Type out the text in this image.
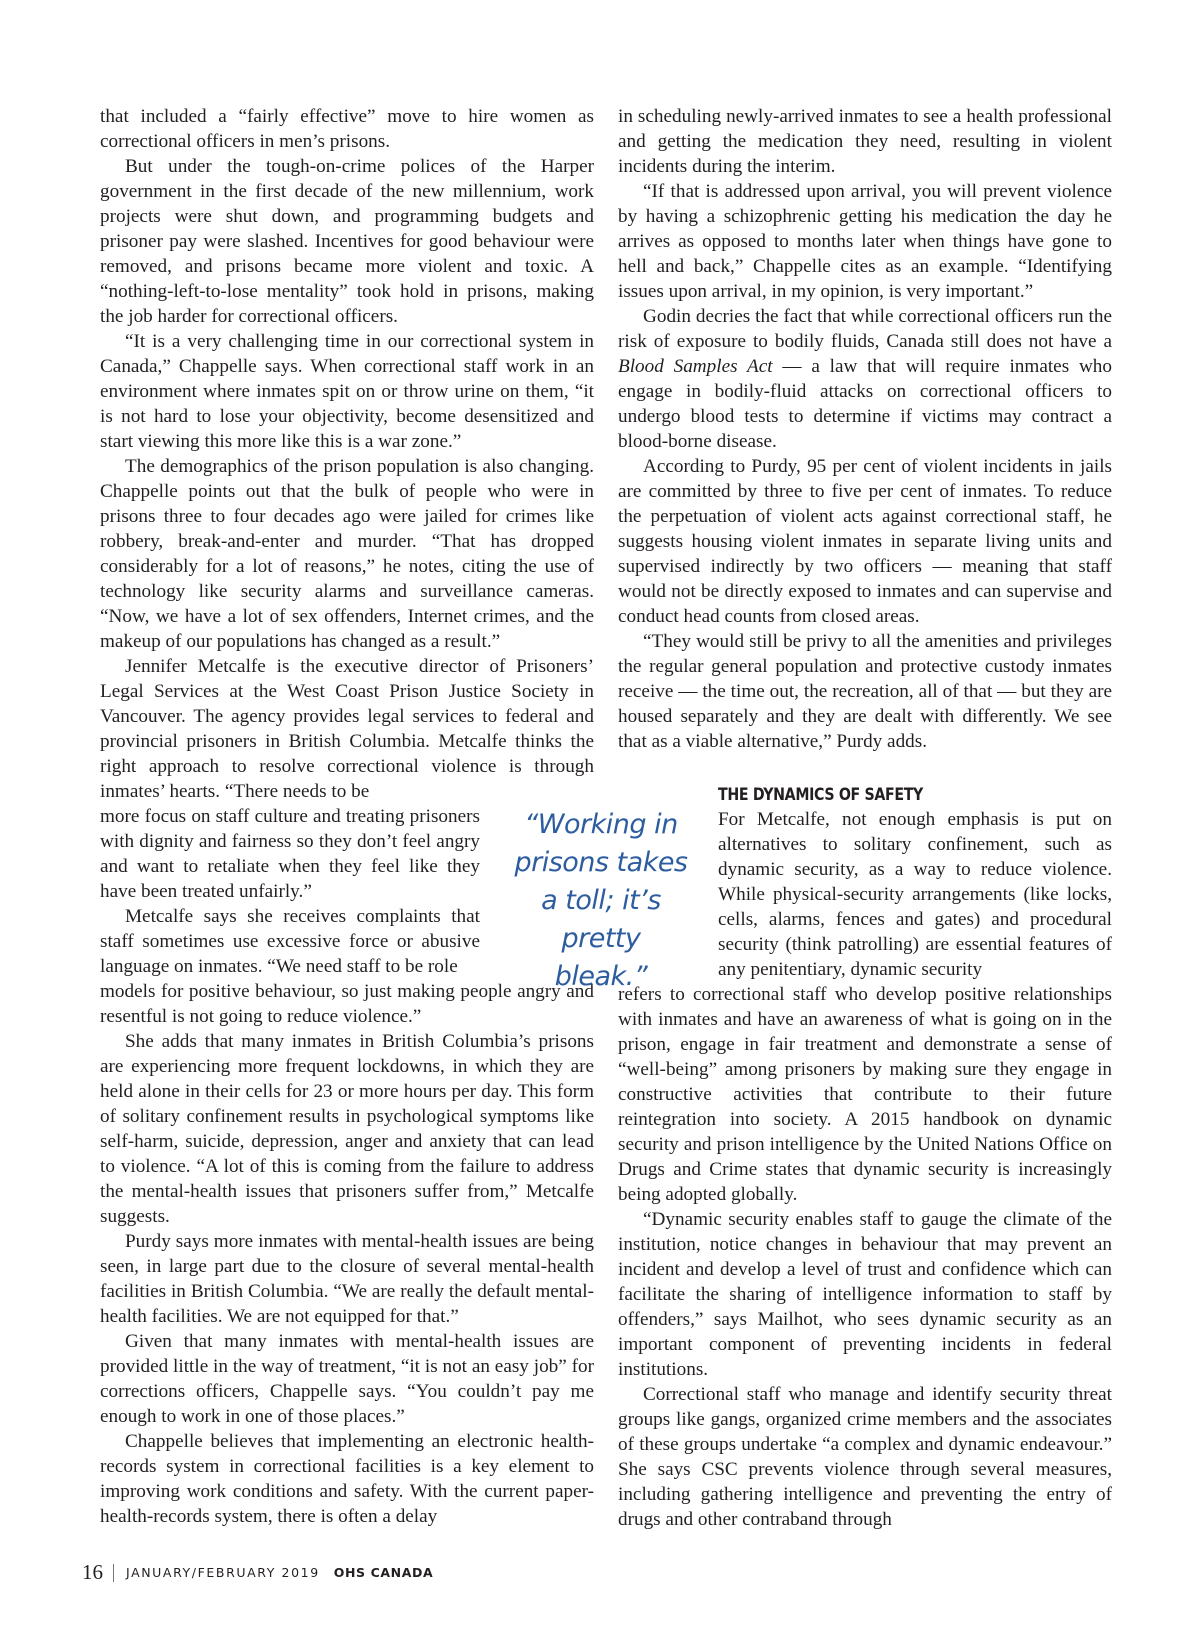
that included a “fairly effective” move to hire women as correctional officers in men’s prisons.

But under the tough-on-crime polices of the Harper government in the first decade of the new millennium, work projects were shut down, and programming budgets and prisoner pay were slashed. Incentives for good behaviour were removed, and prisons became more violent and toxic. A “nothing-left-to-lose mentality” took hold in prisons, making the job harder for correctional officers.

“It is a very challenging time in our correctional system in Canada,” Chappelle says. When correctional staff work in an environment where inmates spit on or throw urine on them, “it is not hard to lose your objectivity, become desensitized and start viewing this more like this is a war zone.”

The demographics of the prison population is also changing. Chappelle points out that the bulk of people who were in prisons three to four decades ago were jailed for crimes like robbery, break-and-enter and murder. “That has dropped considerably for a lot of reasons,” he notes, citing the use of technology like security alarms and surveillance cameras. “Now, we have a lot of sex offenders, Internet crimes, and the makeup of our populations has changed as a result.”

Jennifer Metcalfe is the executive director of Prisoners’ Legal Services at the West Coast Prison Justice Society in Vancouver. The agency provides legal services to federal and provincial prisoners in British Columbia. Metcalfe thinks the right approach to resolve correctional violence is through inmates’ hearts. “There needs to be

more focus on staff culture and treating prisoners with dignity and fairness so they don’t feel angry and want to retaliate when they feel like they have been treated unfairly.”

Metcalfe says she receives complaints that staff sometimes use excessive force or abusive language on inmates. “We need staff to be role

models for positive behaviour, so just making people angry and resentful is not going to reduce violence.”

She adds that many inmates in British Columbia’s prisons are experiencing more frequent lockdowns, in which they are held alone in their cells for 23 or more hours per day. This form of solitary confinement results in psychological symptoms like self-harm, suicide, depression, anger and anxiety that can lead to violence. “A lot of this is coming from the failure to address the mental-health issues that prisoners suffer from,” Metcalfe suggests.

Purdy says more inmates with mental-health issues are being seen, in large part due to the closure of several mental-health facilities in British Columbia. “We are really the default mental-health facilities. We are not equipped for that.”

Given that many inmates with mental-health issues are provided little in the way of treatment, “it is not an easy job” for corrections officers, Chappelle says. “You couldn’t pay me enough to work in one of those places.”

Chappelle believes that implementing an electronic health-records system in correctional facilities is a key element to improving work conditions and safety. With the current paper-health-records system, there is often a delay

“Working in prisons takes a toll; it’s pretty bleak.”

in scheduling newly-arrived inmates to see a health professional and getting the medication they need, resulting in violent incidents during the interim.

“If that is addressed upon arrival, you will prevent violence by having a schizophrenic getting his medication the day he arrives as opposed to months later when things have gone to hell and back,” Chappelle cites as an example. “Identifying issues upon arrival, in my opinion, is very important.”

Godin decries the fact that while correctional officers run the risk of exposure to bodily fluids, Canada still does not have a Blood Samples Act — a law that will require inmates who engage in bodily-fluid attacks on correctional officers to undergo blood tests to determine if victims may contract a blood-borne disease.

According to Purdy, 95 per cent of violent incidents in jails are committed by three to five per cent of inmates. To reduce the perpetuation of violent acts against correctional staff, he suggests housing violent inmates in separate living units and supervised indirectly by two officers — meaning that staff would not be directly exposed to inmates and can supervise and conduct head counts from closed areas.

“They would still be privy to all the amenities and privileges the regular general population and protective custody inmates receive — the time out, the recreation, all of that — but they are housed separately and they are dealt with differently. We see that as a viable alternative,” Purdy adds.

THE DYNAMICS OF SAFETY

For Metcalfe, not enough emphasis is put on alternatives to solitary confinement, such as dynamic security, as a way to reduce violence. While physical-security arrangements (like locks, cells, alarms, fences and gates) and procedural security (think patrolling) are essential features of any penitentiary, dynamic security

refers to correctional staff who develop positive relationships with inmates and have an awareness of what is going on in the prison, engage in fair treatment and demonstrate a sense of “well-being” among prisoners by making sure they engage in constructive activities that contribute to their future reintegration into society. A 2015 handbook on dynamic security and prison intelligence by the United Nations Office on Drugs and Crime states that dynamic security is increasingly being adopted globally.

“Dynamic security enables staff to gauge the climate of the institution, notice changes in behaviour that may prevent an incident and develop a level of trust and confidence which can facilitate the sharing of intelligence information to staff by offenders,” says Mailhot, who sees dynamic security as an important component of preventing incidents in federal institutions.

Correctional staff who manage and identify security threat groups like gangs, organized crime members and the associates of these groups undertake “a complex and dynamic endeavour.” She says CSC prevents violence through several measures, including gathering intelligence and preventing the entry of drugs and other contraband through

16 JANUARY/FEBRUARY 2019 OHS CANADA
